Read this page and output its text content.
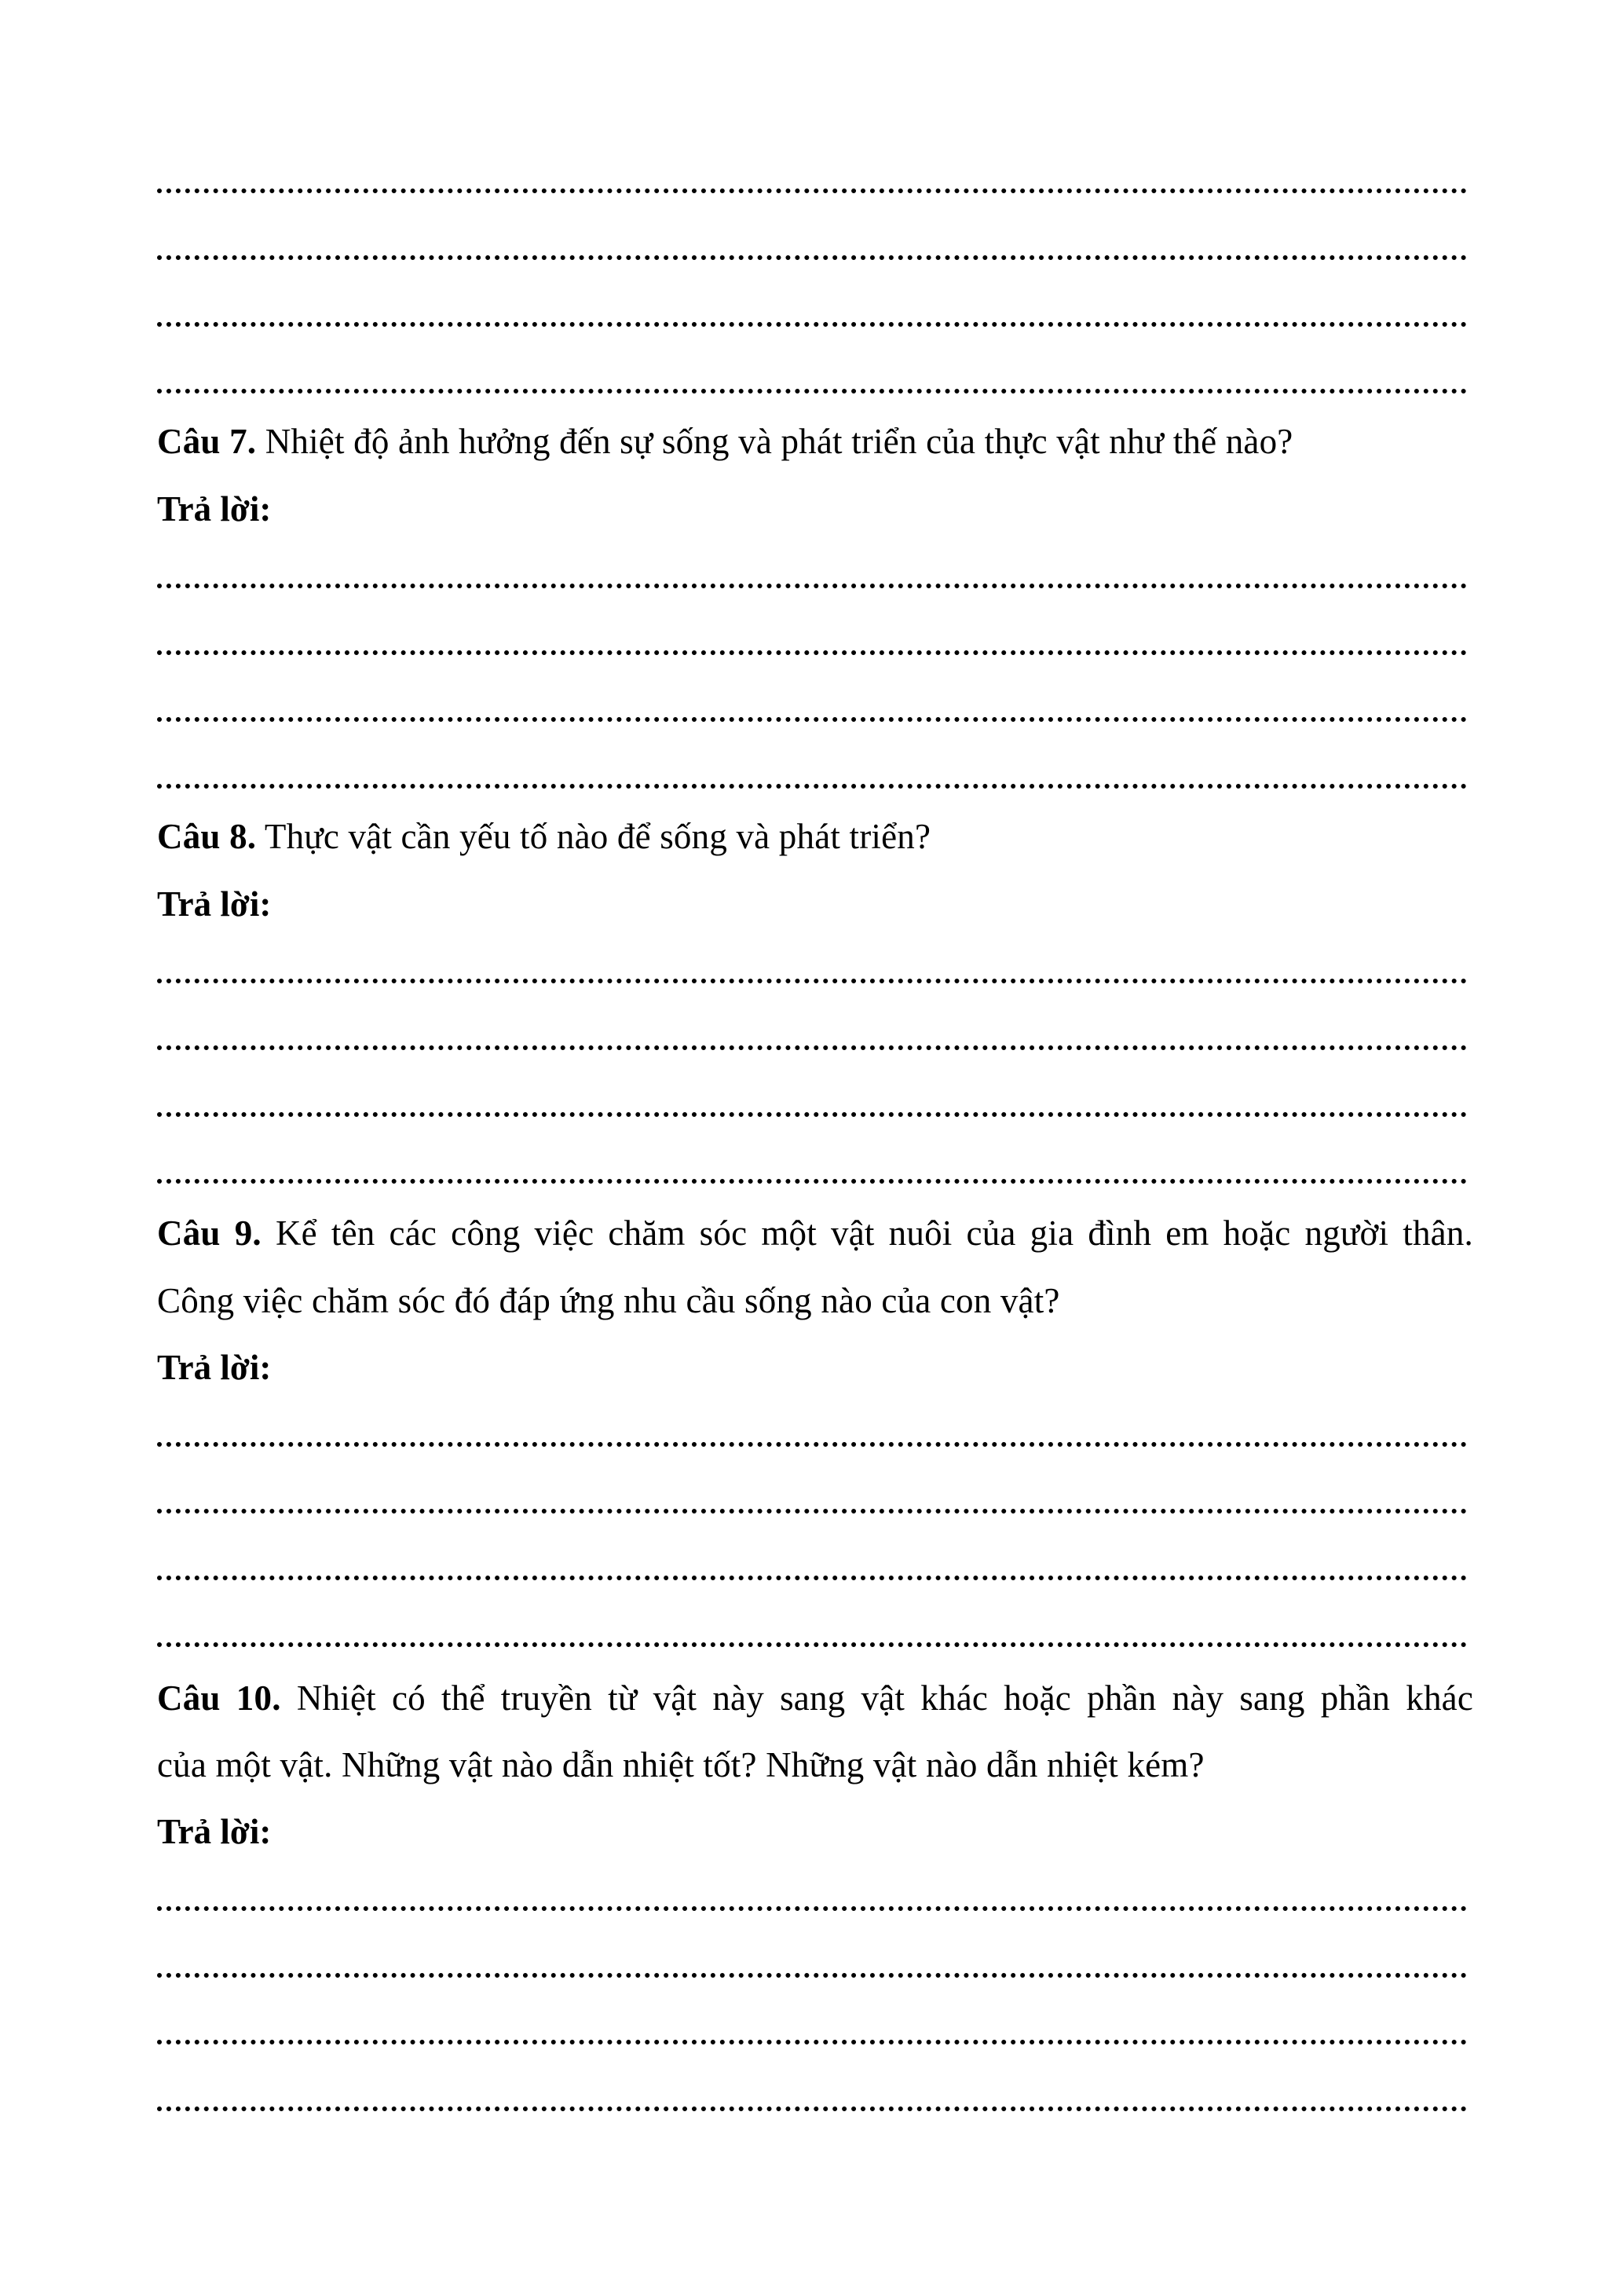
Câu 7. Nhiệt độ ảnh hưởng đến sự sống và phát triển của thực vật như thế nào?
Trả lời:
Câu 8. Thực vật cần yếu tố nào để sống và phát triển?
Trả lời:
Câu 9. Kể tên các công việc chăm sóc một vật nuôi của gia đình em hoặc người thân.
Công việc chăm sóc đó đáp ứng nhu cầu sống nào của con vật?
Trả lời:
Câu 10. Nhiệt có thể truyền từ vật này sang vật khác hoặc phần này sang phần khác
của một vật. Những vật nào dẫn nhiệt tốt? Những vật nào dẫn nhiệt kém?
Trả lời:
